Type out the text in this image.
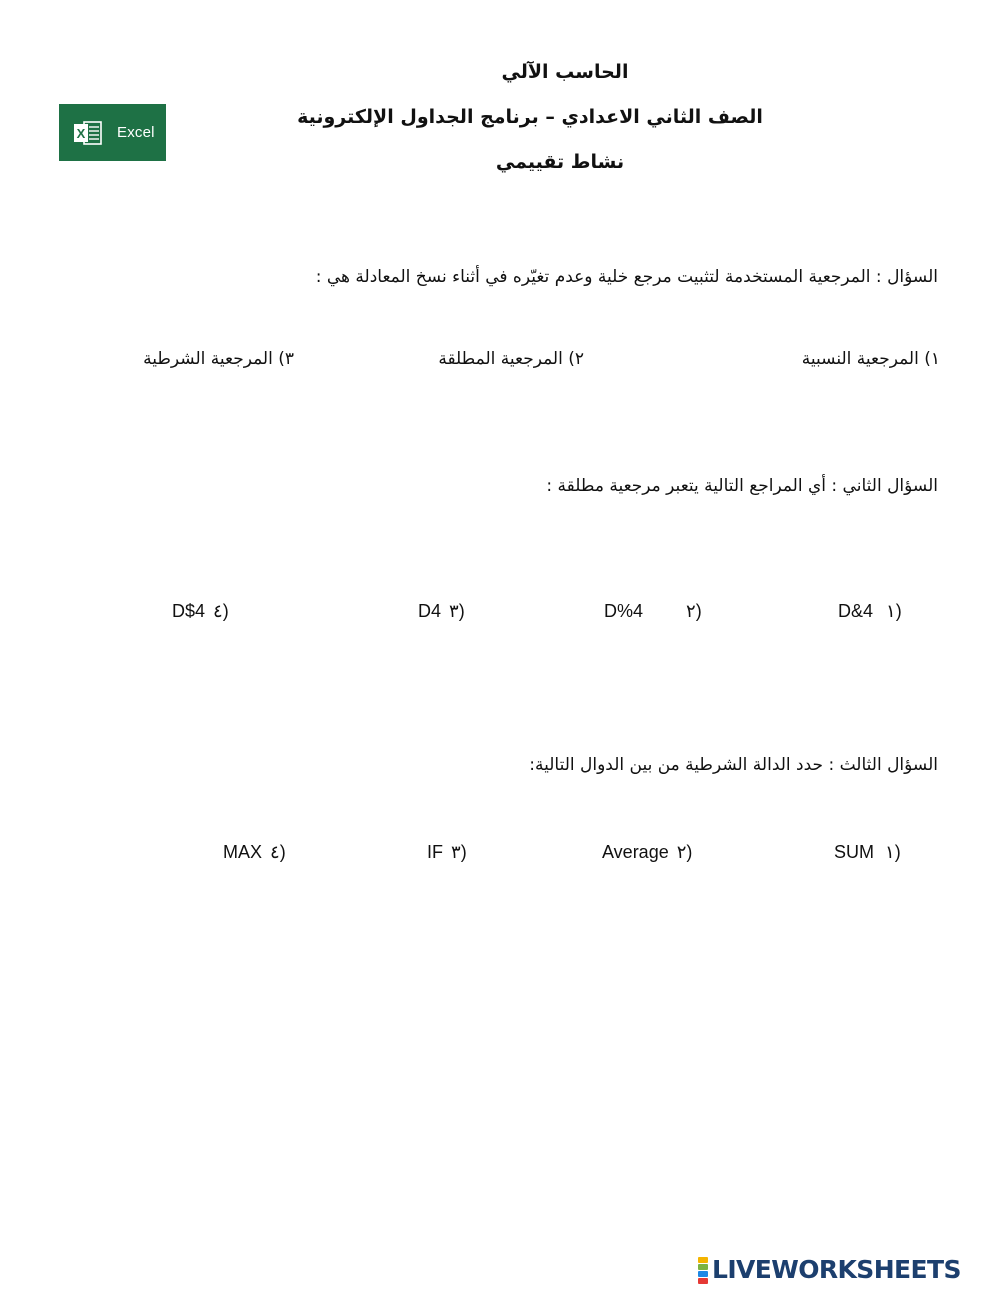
الحاسب الآلي
الصف الثاني الاعدادي – برنامج الجداول الإلكترونية
نشاط تقييمي
X Excel
السؤال : المرجعية المستخدمة لتثبيت مرجع خلية وعدم تغيّره في أثناء نسخ المعادلة هي :
١) المرجعية النسبية
٢) المرجعية المطلقة
٣) المرجعية الشرطية
السؤال الثاني : أي المراجع التالية يتعبر مرجعية مطلقة :
D&4 ١)
D%4 ٢)
D4 ٣)
D$4 ٤)
السؤال الثالث : حدد الدالة الشرطية من بين الدوال التالية:
SUM ١)
Average ٢)
IF ٣)
MAX ٤)
LIVEWORKSHEETS
